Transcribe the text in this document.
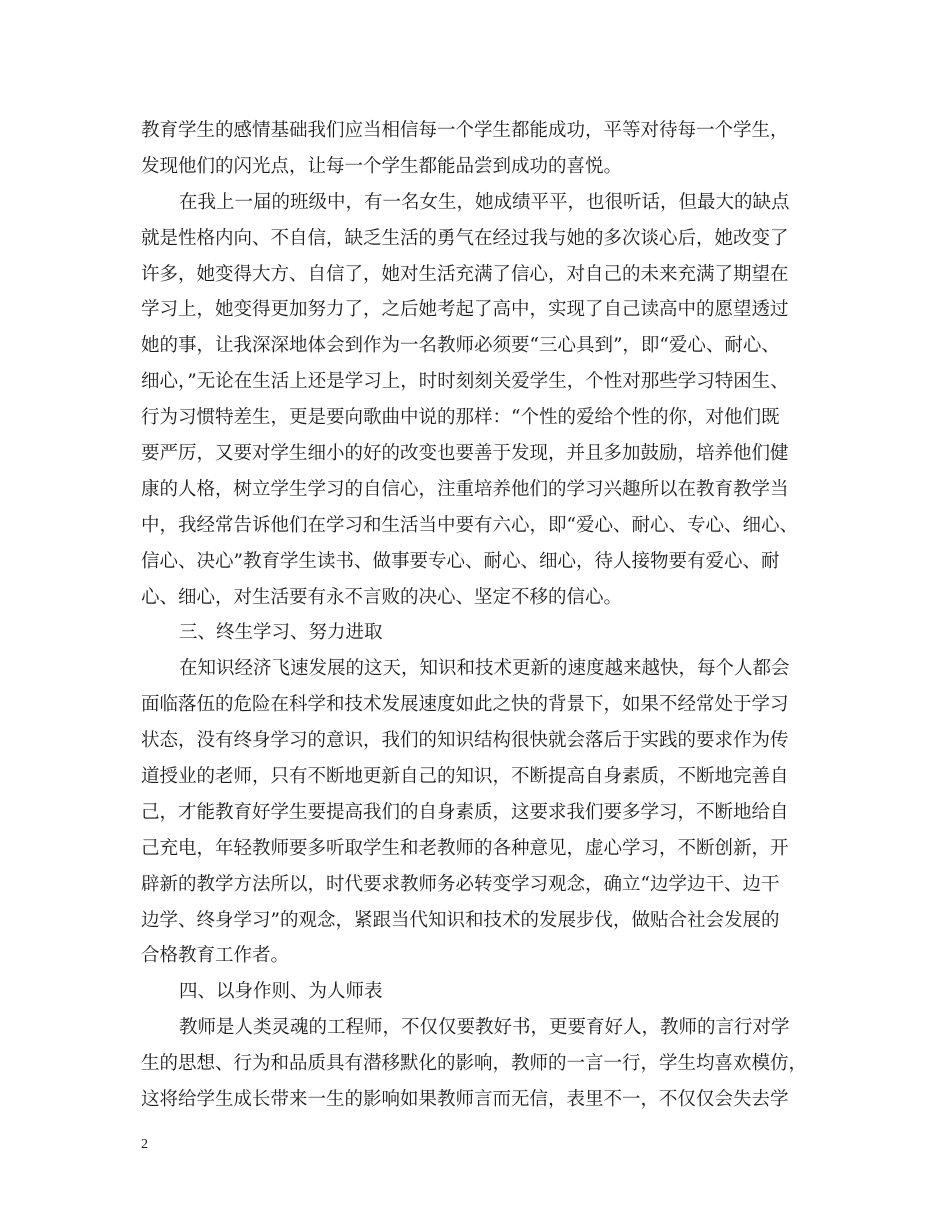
教育学生的感情基础我们应当相信每一个学生都能成功，平等对待每一个学生，
发现他们的闪光点，让每一个学生都能品尝到成功的喜悦。
在我上一届的班级中，有一名女生，她成绩平平，也很听话，但最大的缺点
就是性格内向、不自信，缺乏生活的勇气在经过我与她的多次谈心后，她改变了
许多，她变得大方、自信了，她对生活充满了信心，对自己的未来充满了期望在
学习上，她变得更加努力了，之后她考起了高中，实现了自己读高中的愿望透过
她的事，让我深深地体会到作为一名教师必须要“三心具到”，即“爱心、耐心、
细心，”无论在生活上还是学习上，时时刻刻关爱学生，个性对那些学习特困生、
行为习惯特差生，更是要向歌曲中说的那样：“个性的爱给个性的你，对他们既
要严厉，又要对学生细小的好的改变也要善于发现，并且多加鼓励，培养他们健
康的人格，树立学生学习的自信心，注重培养他们的学习兴趣所以在教育教学当
中，我经常告诉他们在学习和生活当中要有六心，即“爱心、耐心、专心、细心、
信心、决心”教育学生读书、做事要专心、耐心、细心，待人接物要有爱心、耐
心、细心，对生活要有永不言败的决心、坚定不移的信心。
三、终生学习、努力进取
在知识经济飞速发展的这天，知识和技术更新的速度越来越快，每个人都会
面临落伍的危险在科学和技术发展速度如此之快的背景下，如果不经常处于学习
状态，没有终身学习的意识，我们的知识结构很快就会落后于实践的要求作为传
道授业的老师，只有不断地更新自己的知识，不断提高自身素质，不断地完善自
己，才能教育好学生要提高我们的自身素质，这要求我们要多学习，不断地给自
己充电，年轻教师要多听取学生和老教师的各种意见，虚心学习，不断创新，开
辟新的教学方法所以，时代要求教师务必转变学习观念，确立“边学边干、边干
边学、终身学习”的观念，紧跟当代知识和技术的发展步伐，做贴合社会发展的
合格教育工作者。
四、以身作则、为人师表
教师是人类灵魂的工程师，不仅仅要教好书，更要育好人，教师的言行对学
生的思想、行为和品质具有潜移默化的影响，教师的一言一行，学生均喜欢模仿，
这将给学生成长带来一生的影响如果教师言而无信，表里不一，不仅仅会失去学
2
